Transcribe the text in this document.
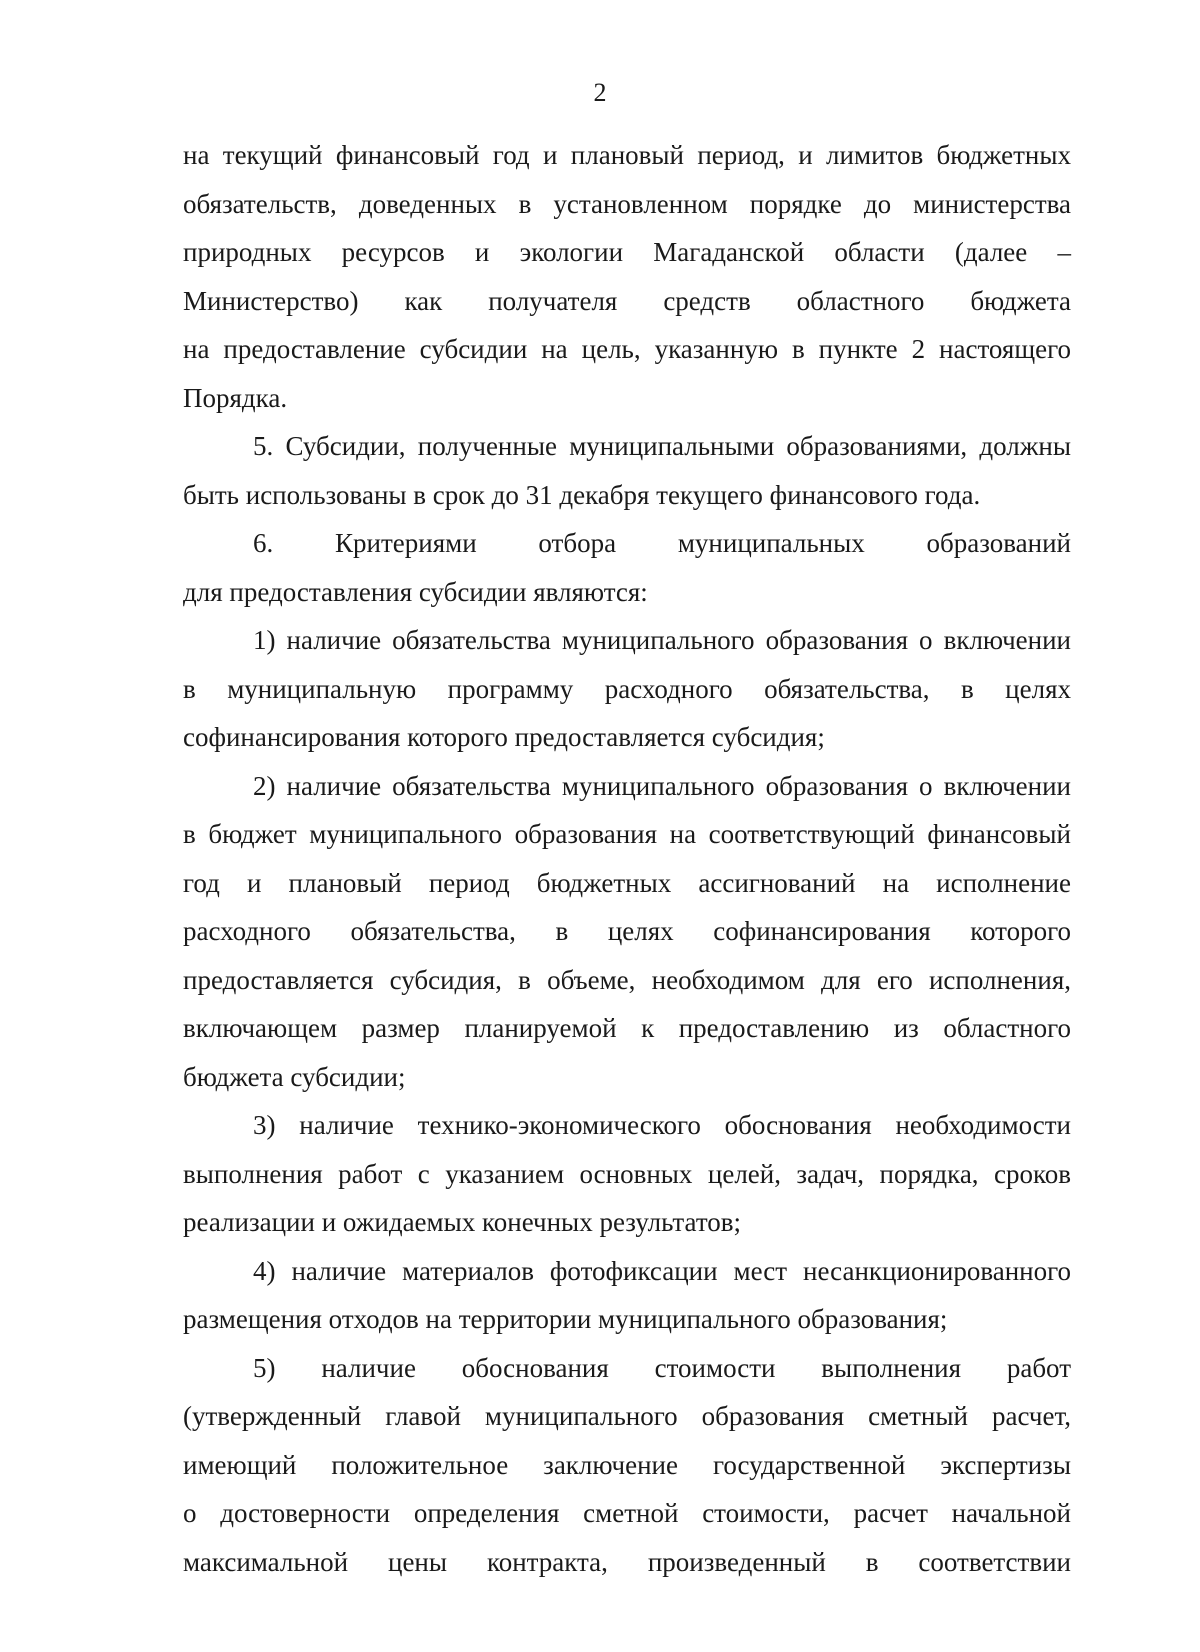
2
на текущий финансовый год и плановый период, и лимитов бюджетных
обязательств, доведенных в установленном порядке до министерства
природных ресурсов и экологии Магаданской области (далее –
Министерство) как получателя средств областного бюджета
на предоставление субсидии на цель, указанную в пункте 2 настоящего
Порядка.
5. Субсидии, полученные муниципальными образованиями, должны
быть использованы в срок до 31 декабря текущего финансового года.
6. Критериями отбора муниципальных образований
для предоставления субсидии являются:
1) наличие обязательства муниципального образования о включении
в муниципальную программу расходного обязательства, в целях
софинансирования которого предоставляется субсидия;
2) наличие обязательства муниципального образования о включении
в бюджет муниципального образования на соответствующий финансовый
год и плановый период бюджетных ассигнований на исполнение
расходного обязательства, в целях софинансирования которого
предоставляется субсидия, в объеме, необходимом для его исполнения,
включающем размер планируемой к предоставлению из областного
бюджета субсидии;
3) наличие технико-экономического обоснования необходимости
выполнения работ с указанием основных целей, задач, порядка, сроков
реализации и ожидаемых конечных результатов;
4) наличие материалов фотофиксации мест несанкционированного
размещения отходов на территории муниципального образования;
5) наличие обоснования стоимости выполнения работ
(утвержденный главой муниципального образования сметный расчет,
имеющий положительное заключение государственной экспертизы
о достоверности определения сметной стоимости, расчет начальной
максимальной цены контракта, произведенный в соответствии
